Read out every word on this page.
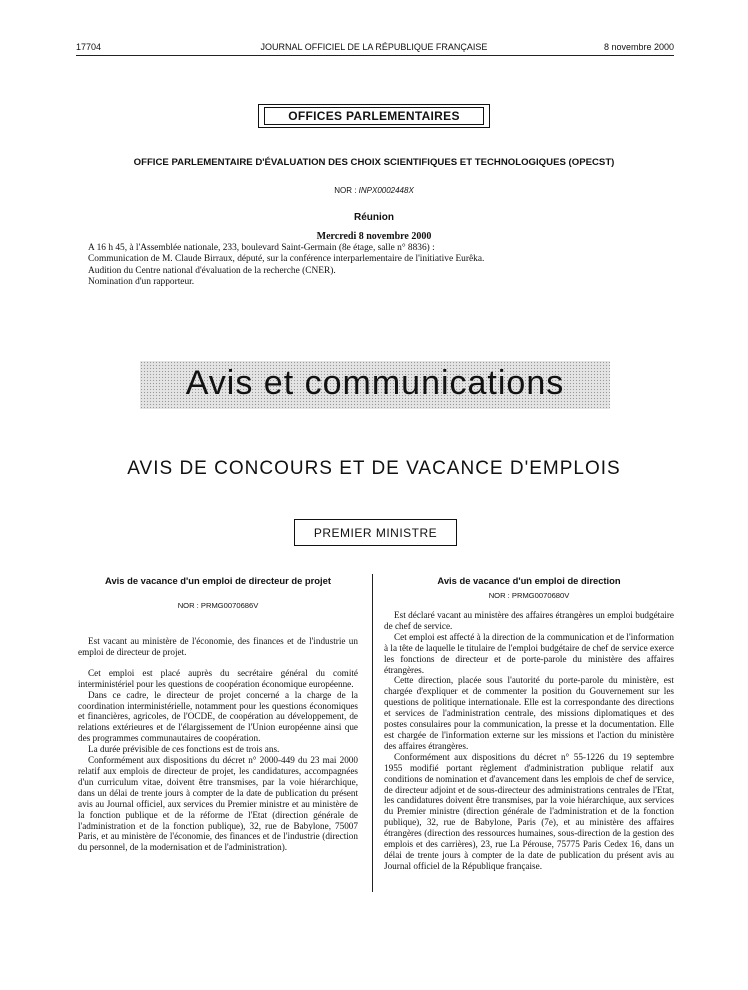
17704	JOURNAL OFFICIEL DE LA RÉPUBLIQUE FRANÇAISE	8 novembre 2000
OFFICES PARLEMENTAIRES
OFFICE PARLEMENTAIRE D'ÉVALUATION DES CHOIX SCIENTIFIQUES ET TECHNOLOGIQUES (OPECST)
NOR : INPX0002448X
Réunion
Mercredi 8 novembre 2000
A 16 h 45, à l'Assemblée nationale, 233, boulevard Saint-Germain (8e étage, salle n° 8836) :
Communication de M. Claude Birraux, député, sur la conférence interparlementaire de l'initiative Eurêka.
Audition du Centre national d'évaluation de la recherche (CNER).
Nomination d'un rapporteur.
Avis et communications
AVIS DE CONCOURS ET DE VACANCE D'EMPLOIS
PREMIER MINISTRE
Avis de vacance d'un emploi de directeur de projet
NOR : PRMG0070686V

Est vacant au ministère de l'économie, des finances et de l'industrie un emploi de directeur de projet.

Cet emploi est placé auprès du secrétaire général du comité interministériel pour les questions de coopération économique européenne.

Dans ce cadre, le directeur de projet concerné a la charge de la coordination interministérielle, notamment pour les questions économiques et financières, agricoles, de l'OCDE, de coopération au développement, de relations extérieures et de l'élargissement de l'Union européenne ainsi que des programmes communautaires de coopération.

La durée prévisible de ces fonctions est de trois ans.

Conformément aux dispositions du décret n° 2000-449 du 23 mai 2000 relatif aux emplois de directeur de projet, les candidatures, accompagnées d'un curriculum vitae, doivent être transmises, par la voie hiérarchique, dans un délai de trente jours à compter de la date de publication du présent avis au Journal officiel, aux services du Premier ministre et au ministère de la fonction publique et de la réforme de l'Etat (direction générale de l'administration et de la fonction publique), 32, rue de Babylone, 75007 Paris, et au ministère de l'économie, des finances et de l'industrie (direction du personnel, de la modernisation et de l'administration).

Avis de vacance d'un emploi de direction
NOR : PRMG0070680V

Est déclaré vacant au ministère des affaires étrangères un emploi budgétaire de chef de service.

Cet emploi est affecté à la direction de la communication et de l'information à la tête de laquelle le titulaire de l'emploi budgétaire de chef de service exerce les fonctions de directeur et de porte-parole du ministère des affaires étrangères.

Cette direction, placée sous l'autorité du porte-parole du ministère, est chargée d'expliquer et de commenter la position du Gouvernement sur les questions de politique internationale. Elle est la correspondante des directions et services de l'administration centrale, des missions diplomatiques et des postes consulaires pour la communication, la presse et la documentation. Elle est chargée de l'information externe sur les missions et l'action du ministère des affaires étrangères.

Conformément aux dispositions du décret n° 55-1226 du 19 septembre 1955 modifié portant règlement d'administration publique relatif aux conditions de nomination et d'avancement dans les emplois de chef de service, de directeur adjoint et de sous-directeur des administrations centrales de l'Etat, les candidatures doivent être transmises, par la voie hiérarchique, aux services du Premier ministre (direction générale de l'administration et de la fonction publique), 32, rue de Babylone, Paris (7e), et au ministère des affaires étrangères (direction des ressources humaines, sous-direction de la gestion des emplois et des carrières), 23, rue La Pérouse, 75775 Paris Cedex 16, dans un délai de trente jours à compter de la date de publication du présent avis au Journal officiel de la République française.
